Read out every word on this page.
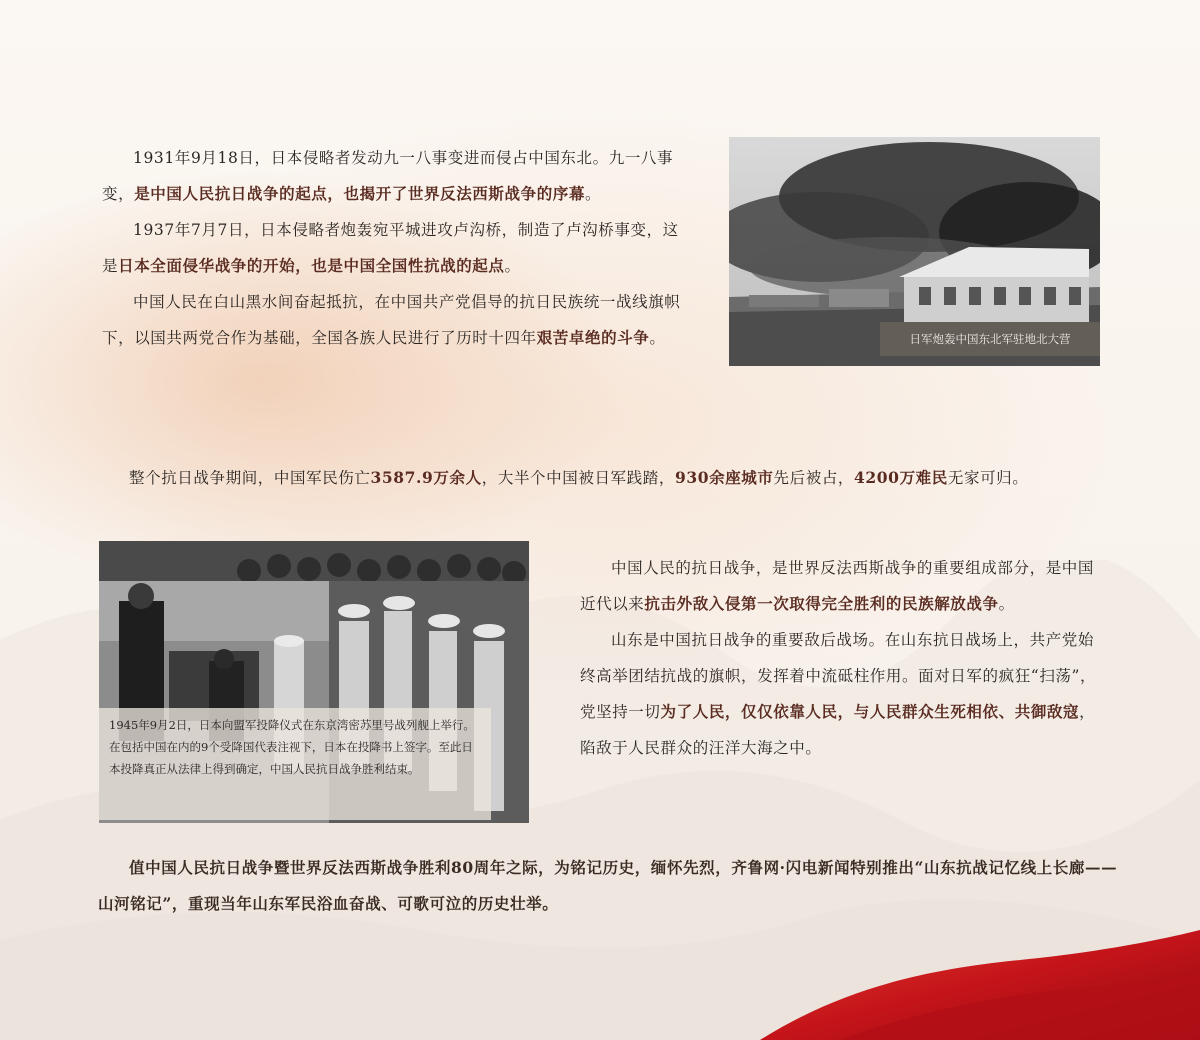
1931年9月18日，日本侵略者发动九一八事变进而侵占中国东北。九一八事变，是中国人民抗日战争的起点，也揭开了世界反法西斯战争的序幕。

1937年7月7日，日本侵略者炮轰宛平城进攻卢沟桥，制造了卢沟桥事变，这是日本全面侵华战争的开始，也是中国全国性抗战的起点。

中国人民在白山黑水间奋起抵抗，在中国共产党倡导的抗日民族统一战线旗帜下，以国共两党合作为基础，全国各族人民进行了历时十四年艰苦卓绝的斗争。	日军炮轰中国东北军驻地北大营
整个抗日战争期间，中国军民伤亡3587.9万余人，大半个中国被日军践踏，930余座城市先后被占，4200万难民无家可归。
1945年9月2日，日本向盟军投降仪式在东京湾密苏里号战列舰上举行。在包括中国在内的9个受降国代表注视下，日本在投降书上签字。至此日本投降真正从法律上得到确定，中国人民抗日战争胜利结束。

中国人民的抗日战争，是世界反法西斯战争的重要组成部分，是中国近代以来抗击外敌入侵第一次取得完全胜利的民族解放战争。

山东是中国抗日战争的重要敌后战场。在山东抗日战场上，共产党始终高举团结抗战的旗帜，发挥着中流砥柱作用。面对日军的疯狂“扫荡”，党坚持一切为了人民，仅仅依靠人民，与人民群众生死相依、共御敌寇，陷敌于人民群众的汪洋大海之中。

值中国人民抗日战争暨世界反法西斯战争胜利80周年之际，为铭记历史，缅怀先烈，齐鲁网·闪电新闻特别推出“山东抗战记忆线上长廊——山河铭记”，重现当年山东军民浴血奋战、可歌可泣的历史壮举。
